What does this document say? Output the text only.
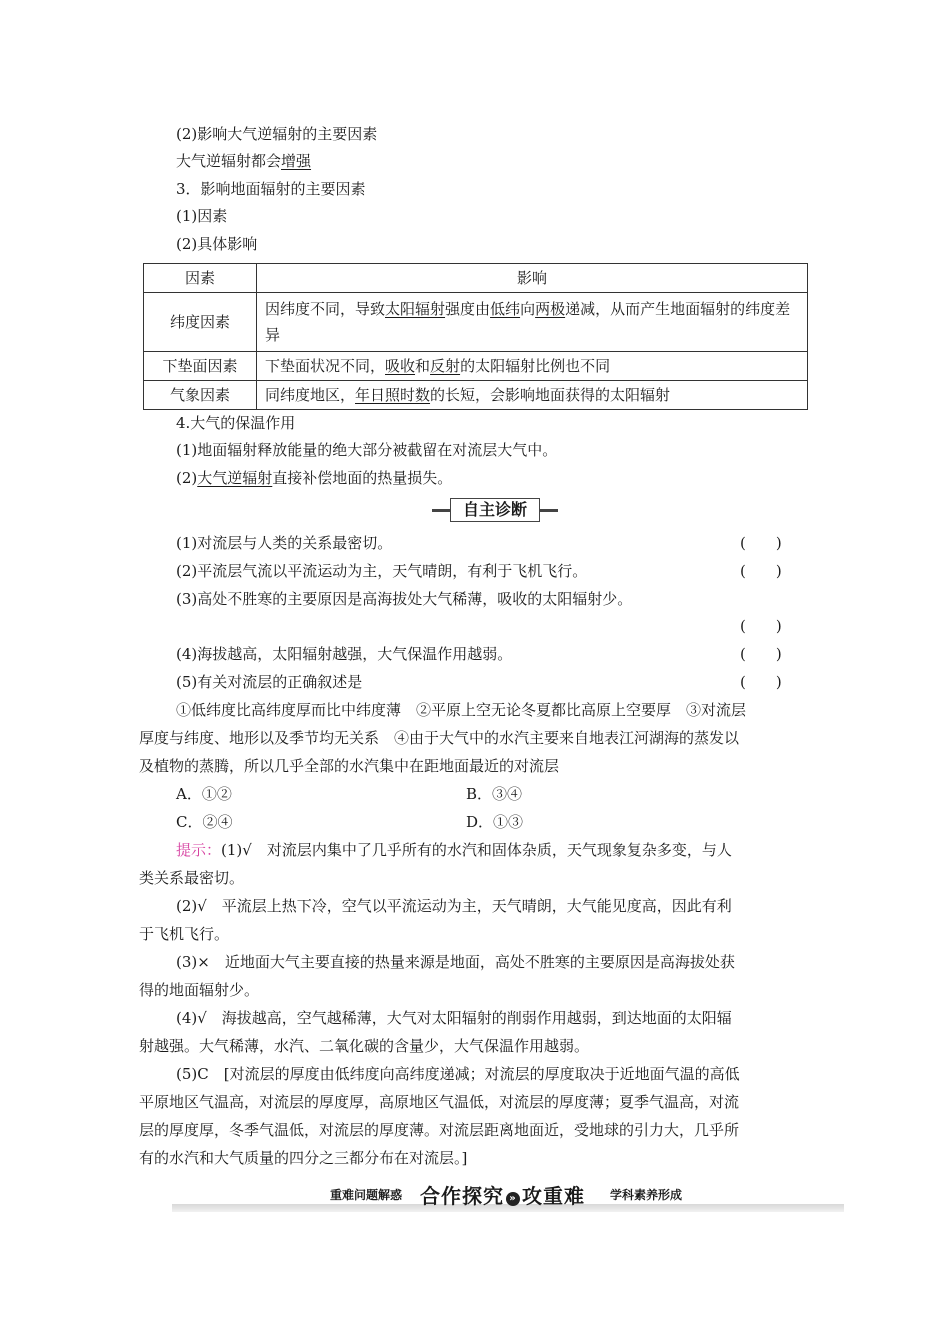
(2)影响大气逆辐射的主要因素
大气逆辐射都会增强
3．影响地面辐射的主要因素
(1)因素
(2)具体影响
因素	影响
纬度因素	因纬度不同，导致太阳辐射强度由低纬向两极递减，从而产生地面辐射的纬度差异
下垫面因素	下垫面状况不同，吸收和反射的太阳辐射比例也不同
气象因素	同纬度地区，年日照时数的长短，会影响地面获得的太阳辐射
4.大气的保温作用
(1)地面辐射释放能量的绝大部分被截留在对流层大气中。
(2)大气逆辐射直接补偿地面的热量损失。
自主诊断
(1)对流层与人类的关系最密切。	(　　)
(2)平流层气流以平流运动为主，天气晴朗，有利于飞机飞行。	(　　)
(3)高处不胜寒的主要原因是高海拔处大气稀薄，吸收的太阳辐射少。
(　　)
(4)海拔越高，太阳辐射越强，大气保温作用越弱。	(　　)
(5)有关对流层的正确叙述是	(　　)
①低纬度比高纬度厚而比中纬度薄　②平原上空无论冬夏都比高原上空要厚　③对流层
厚度与纬度、地形以及季节均无关系　④由于大气中的水汽主要来自地表江河湖海的蒸发以
及植物的蒸腾，所以几乎全部的水汽集中在距地面最近的对流层
A．①②	B．③④
C．②④	D．①③
提示：(1)√　对流层内集中了几乎所有的水汽和固体杂质，天气现象复杂多变，与人
类关系最密切。
(2)√　平流层上热下冷，空气以平流运动为主，天气晴朗，大气能见度高，因此有利
于飞机飞行。
(3)×　近地面大气主要直接的热量来源是地面，高处不胜寒的主要原因是高海拔处获
得的地面辐射少。
(4)√　海拔越高，空气越稀薄，大气对太阳辐射的削弱作用越弱，到达地面的太阳辐
射越强。大气稀薄，水汽、二氧化碳的含量少，大气保温作用越弱。
(5)C　[对流层的厚度由低纬度向高纬度递减；对流层的厚度取决于近地面气温的高低
平原地区气温高，对流层的厚度厚，高原地区气温低，对流层的厚度薄；夏季气温高，对流
层的厚度厚，冬季气温低，对流层的厚度薄。对流层距离地面近，受地球的引力大，几乎所
有的水汽和大气质量的四分之三都分布在对流层。]
重难问题解惑 合作探究 » 攻重难 学科素养形成
